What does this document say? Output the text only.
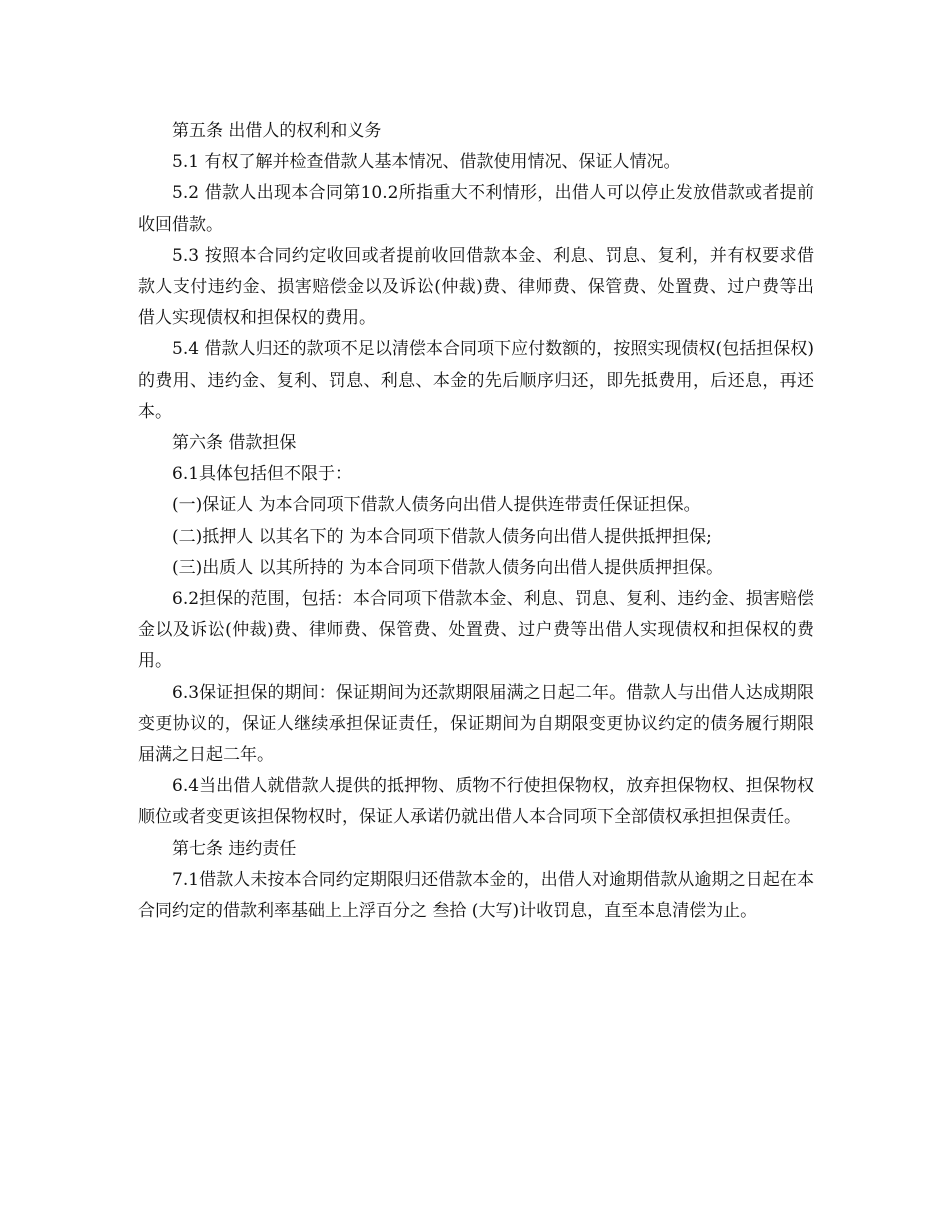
第五条 出借人的权利和义务

5.1 有权了解并检查借款人基本情况、借款使用情况、保证人情况。

5.2 借款人出现本合同第10.2所指重大不利情形，出借人可以停止发放借款或者提前收回借款。

5.3 按照本合同约定收回或者提前收回借款本金、利息、罚息、复利，并有权要求借款人支付违约金、损害赔偿金以及诉讼(仲裁)费、律师费、保管费、处置费、过户费等出借人实现债权和担保权的费用。

5.4 借款人归还的款项不足以清偿本合同项下应付数额的，按照实现债权(包括担保权)的费用、违约金、复利、罚息、利息、本金的先后顺序归还，即先抵费用，后还息，再还本。

第六条 借款担保

6.1具体包括但不限于：

(一)保证人 为本合同项下借款人债务向出借人提供连带责任保证担保。

(二)抵押人 以其名下的 为本合同项下借款人债务向出借人提供抵押担保;

(三)出质人 以其所持的 为本合同项下借款人债务向出借人提供质押担保。

6.2担保的范围，包括：本合同项下借款本金、利息、罚息、复利、违约金、损害赔偿金以及诉讼(仲裁)费、律师费、保管费、处置费、过户费等出借人实现债权和担保权的费用。

6.3保证担保的期间：保证期间为还款期限届满之日起二年。借款人与出借人达成期限变更协议的，保证人继续承担保证责任，保证期间为自期限变更协议约定的债务履行期限届满之日起二年。

6.4当出借人就借款人提供的抵押物、质物不行使担保物权，放弃担保物权、担保物权顺位或者变更该担保物权时，保证人承诺仍就出借人本合同项下全部债权承担担保责任。

第七条 违约责任

7.1借款人未按本合同约定期限归还借款本金的，出借人对逾期借款从逾期之日起在本合同约定的借款利率基础上上浮百分之 叁拾 (大写)计收罚息，直至本息清偿为止。
